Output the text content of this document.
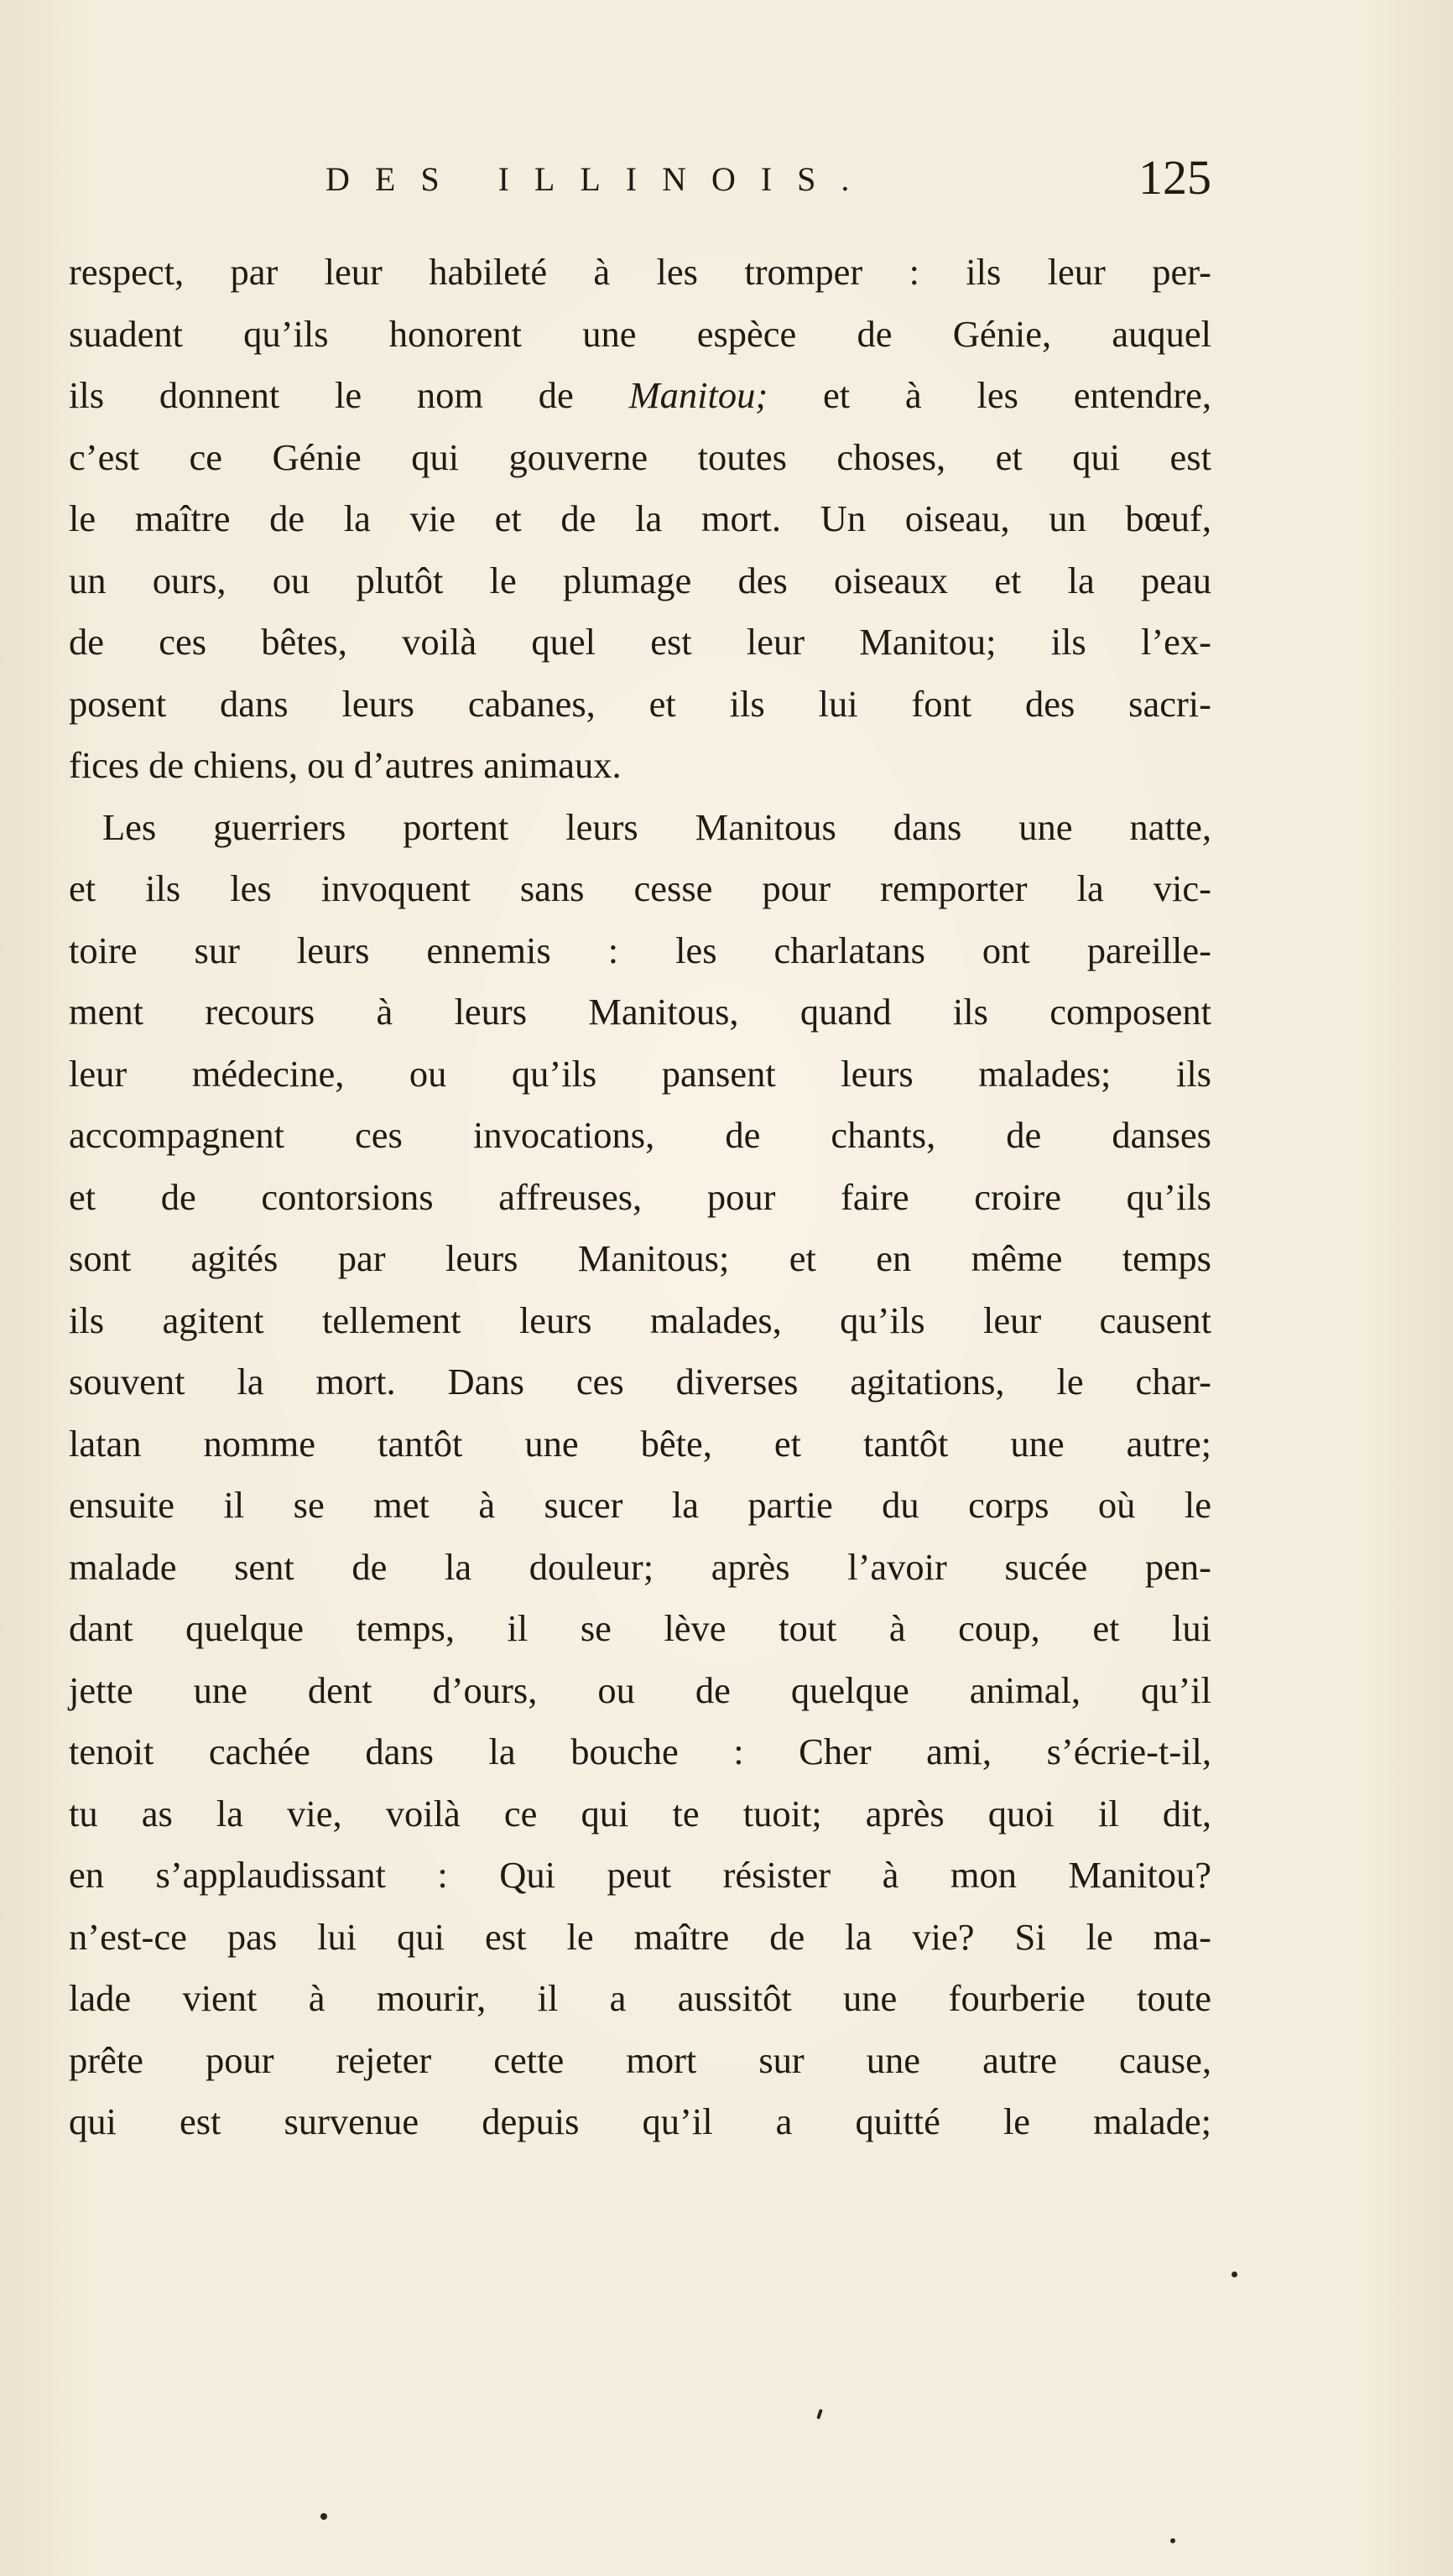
DES ILLINOIS.	125
respect, par leur habileté à les tromper : ils leur per-
suadent qu’ils honorent une espèce de Génie, auquel
ils donnent le nom de Manitou; et à les entendre,
c’est ce Génie qui gouverne toutes choses, et qui est
le maître de la vie et de la mort. Un oiseau, un bœuf,
un ours, ou plutôt le plumage des oiseaux et la peau
de ces bêtes, voilà quel est leur Manitou; ils l’ex-
posent dans leurs cabanes, et ils lui font des sacri-
fices de chiens, ou d’autres animaux.
Les guerriers portent leurs Manitous dans une natte,
et ils les invoquent sans cesse pour remporter la vic-
toire sur leurs ennemis : les charlatans ont pareille-
ment recours à leurs Manitous, quand ils composent
leur médecine, ou qu’ils pansent leurs malades; ils
accompagnent ces invocations, de chants, de danses
et de contorsions affreuses, pour faire croire qu’ils
sont agités par leurs Manitous; et en même temps
ils agitent tellement leurs malades, qu’ils leur causent
souvent la mort. Dans ces diverses agitations, le char-
latan nomme tantôt une bête, et tantôt une autre;
ensuite il se met à sucer la partie du corps où le
malade sent de la douleur; après l’avoir sucée pen-
dant quelque temps, il se lève tout à coup, et lui
jette une dent d’ours, ou de quelque animal, qu’il
tenoit cachée dans la bouche : Cher ami, s’écrie-t-il,
tu as la vie, voilà ce qui te tuoit; après quoi il dit,
en s’applaudissant : Qui peut résister à mon Manitou?
n’est-ce pas lui qui est le maître de la vie? Si le ma-
lade vient à mourir, il a aussitôt une fourberie toute
prête pour rejeter cette mort sur une autre cause,
qui est survenue depuis qu’il a quitté le malade;
